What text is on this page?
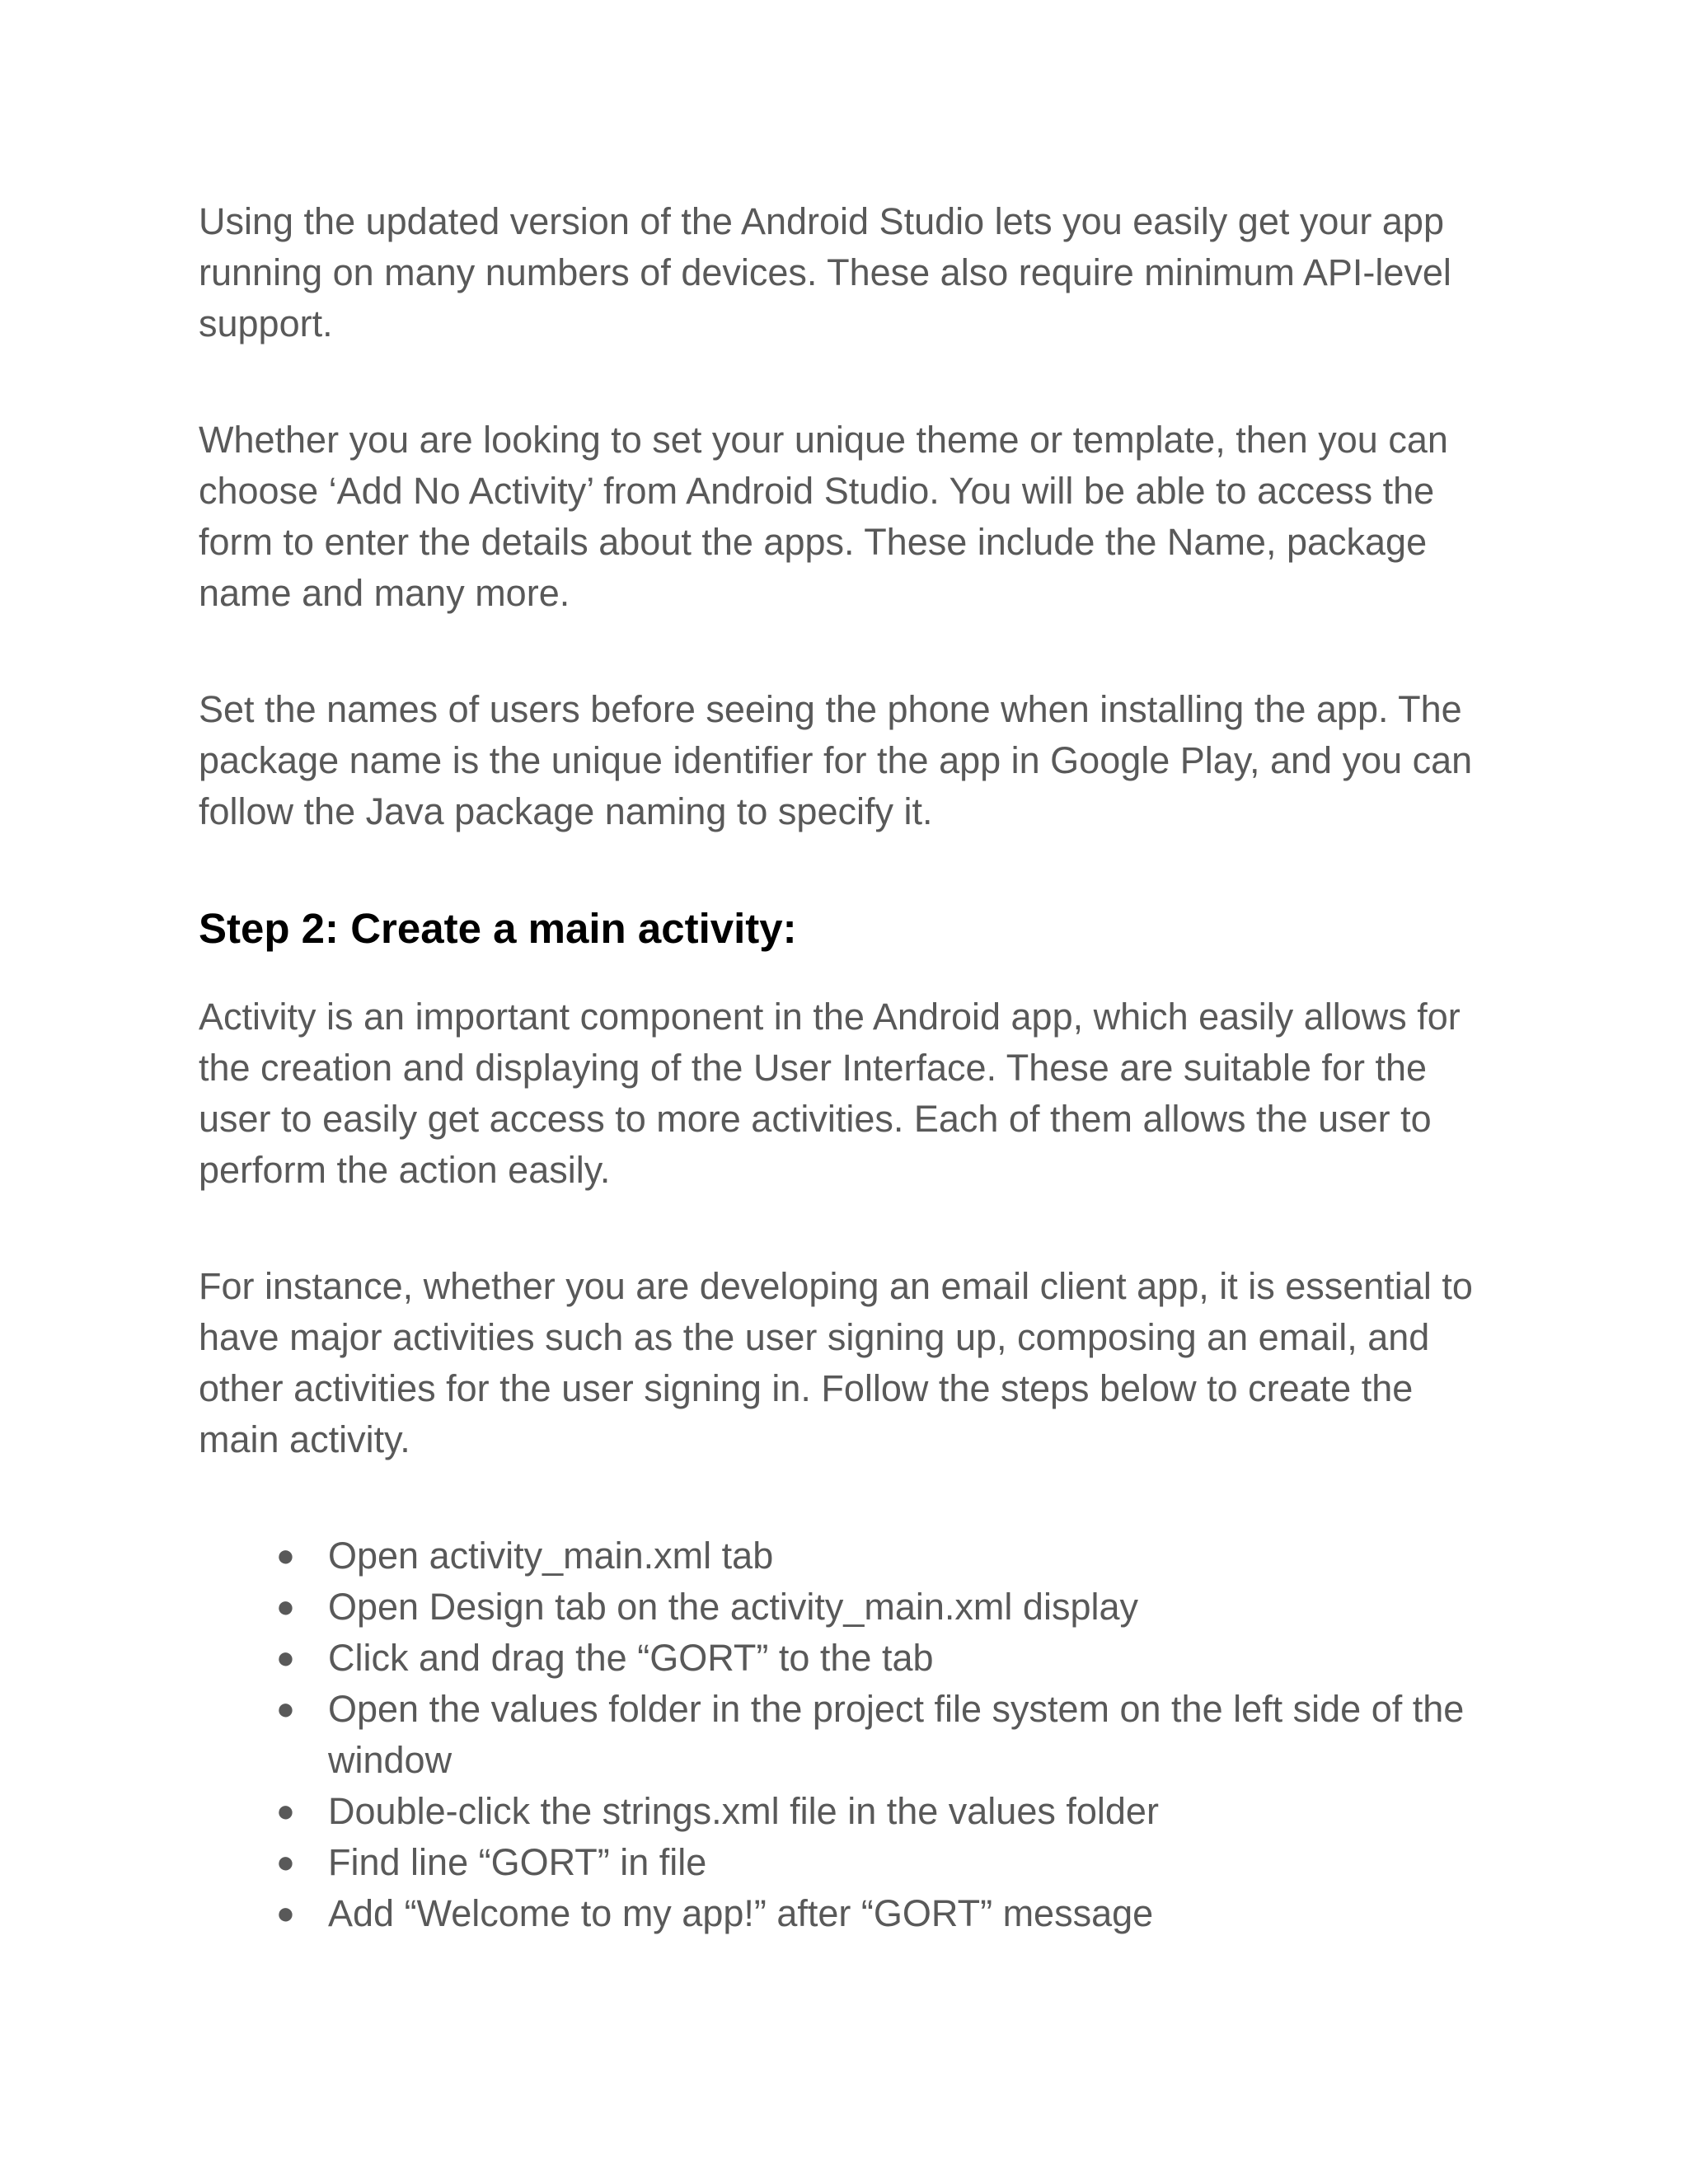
Using the updated version of the Android Studio lets you easily get your app running on many numbers of devices. These also require minimum API-level support.

Whether you are looking to set your unique theme or template, then you can choose ‘Add No Activity’ from Android Studio. You will be able to access the form to enter the details about the apps. These include the Name, package name and many more.

Set the names of users before seeing the phone when installing the app. The package name is the unique identifier for the app in Google Play, and you can follow the Java package naming to specify it.

Step 2: Create a main activity:

Activity is an important component in the Android app, which easily allows for the creation and displaying of the User Interface. These are suitable for the user to easily get access to more activities. Each of them allows the user to perform the action easily.

For instance, whether you are developing an email client app, it is essential to have major activities such as the user signing up, composing an email, and other activities for the user signing in. Follow the steps below to create the main activity.

● Open activity_main.xml tab
● Open Design tab on the activity_main.xml display
● Click and drag the “GORT” to the tab
● Open the values folder in the project file system on the left side of the window
● Double-click the strings.xml file in the values folder
● Find line “GORT” in file
● Add “Welcome to my app!” after “GORT” message
